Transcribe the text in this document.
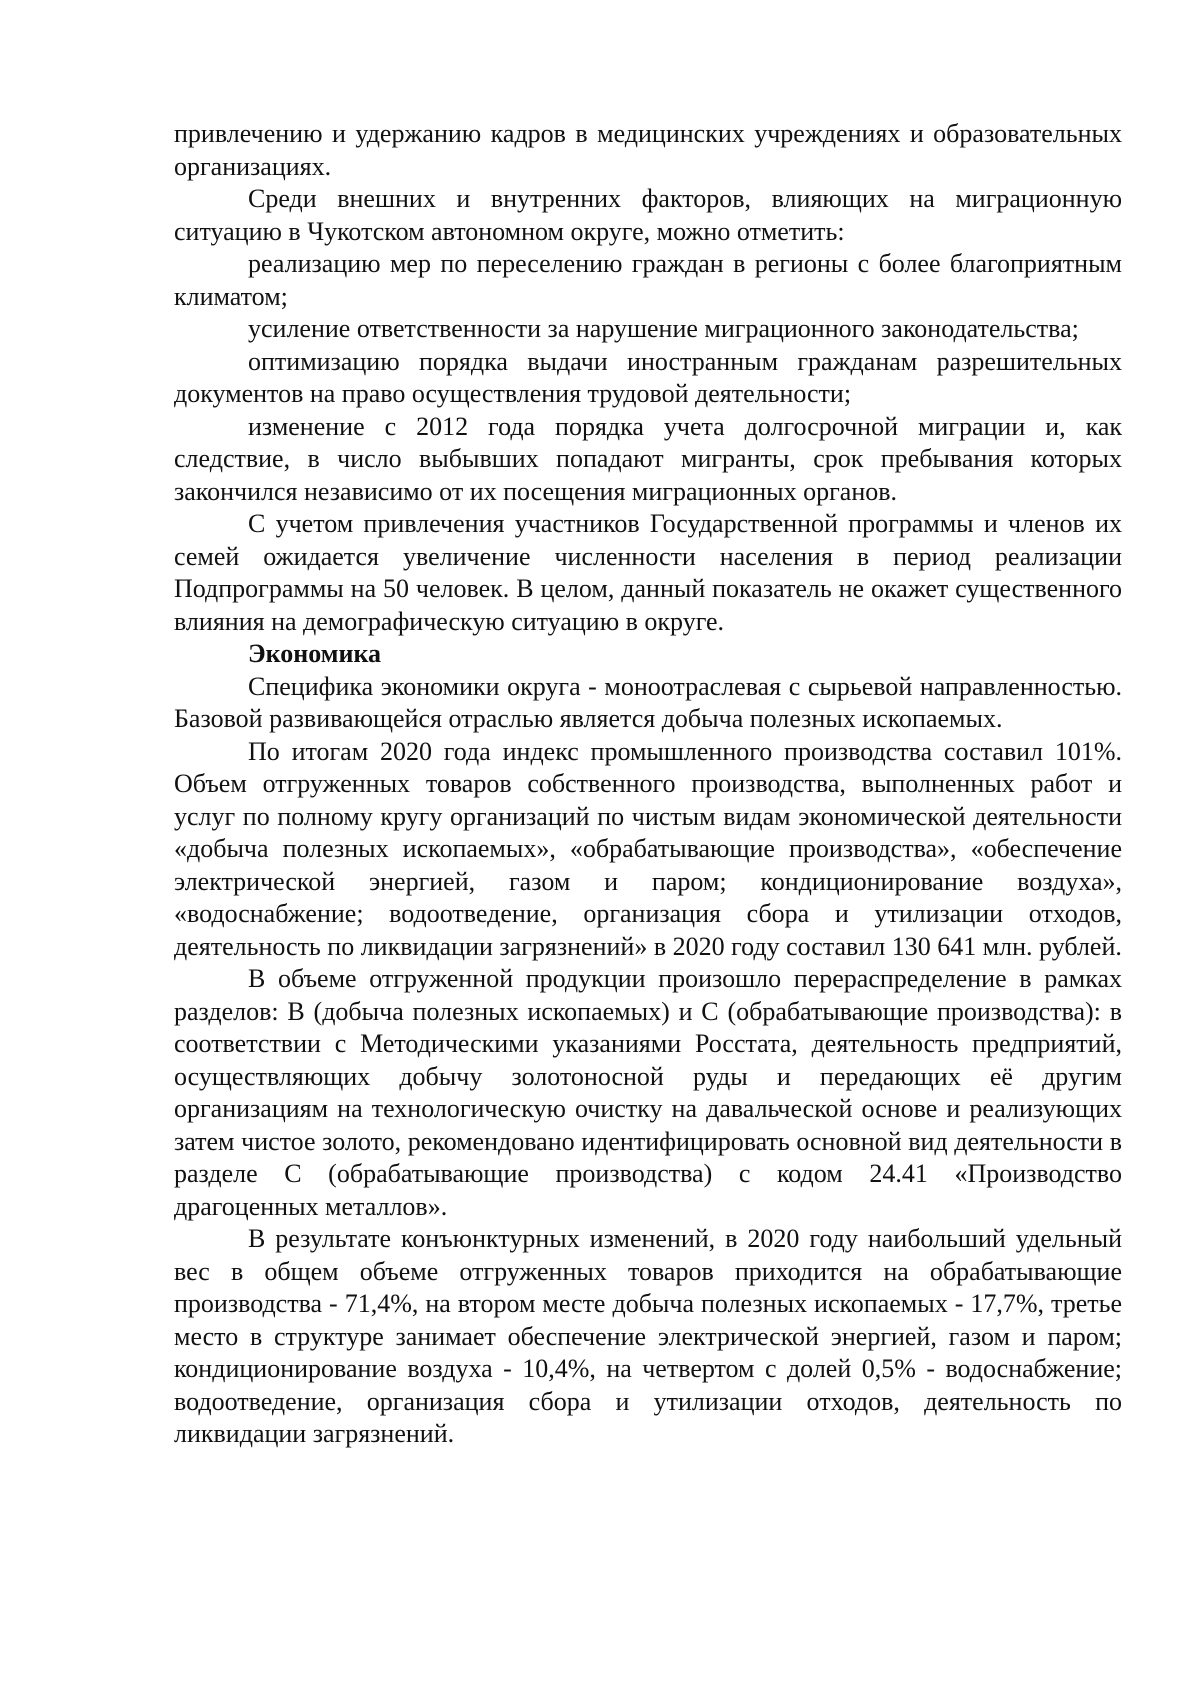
привлечению и удержанию кадров в медицинских учреждениях и образовательных организациях.

Среди внешних и внутренних факторов, влияющих на миграционную ситуацию в Чукотском автономном округе, можно отметить:

реализацию мер по переселению граждан в регионы с более благоприятным климатом;

усиление ответственности за нарушение миграционного законодательства;

оптимизацию порядка выдачи иностранным гражданам разрешительных документов на право осуществления трудовой деятельности;

изменение с 2012 года порядка учета долгосрочной миграции и, как следствие, в число выбывших попадают мигранты, срок пребывания которых закончился независимо от их посещения миграционных органов.

С учетом привлечения участников Государственной программы и членов их семей ожидается увеличение численности населения в период реализации Подпрограммы на 50 человек. В целом, данный показатель не окажет существенного влияния на демографическую ситуацию в округе.

Экономика

Специфика экономики округа - моноотраслевая с сырьевой направленностью. Базовой развивающейся отраслью является добыча полезных ископаемых.

По итогам 2020 года индекс промышленного производства составил 101%. Объем отгруженных товаров собственного производства, выполненных работ и услуг по полному кругу организаций по чистым видам экономической деятельности «добыча полезных ископаемых», «обрабатывающие производства», «обеспечение электрической энергией, газом и паром; кондиционирование воздуха», «водоснабжение; водоотведение, организация сбора и утилизации отходов, деятельность по ликвидации загрязнений» в 2020 году составил 130 641 млн. рублей.

В объеме отгруженной продукции произошло перераспределение в рамках разделов: В (добыча полезных ископаемых) и С (обрабатывающие производства): в соответствии с Методическими указаниями Росстата, деятельность предприятий, осуществляющих добычу золотоносной руды и передающих её другим организациям на технологическую очистку на давальческой основе и реализующих затем чистое золото, рекомендовано идентифицировать основной вид деятельности в разделе С (обрабатывающие производства) с кодом 24.41 «Производство драгоценных металлов».

В результате конъюнктурных изменений, в 2020 году наибольший удельный вес в общем объеме отгруженных товаров приходится на обрабатывающие производства - 71,4%, на втором месте добыча полезных ископаемых - 17,7%, третье место в структуре занимает обеспечение электрической энергией, газом и паром; кондиционирование воздуха - 10,4%, на четвертом с долей 0,5% - водоснабжение; водоотведение, организация сбора и утилизации отходов, деятельность по ликвидации загрязнений.
